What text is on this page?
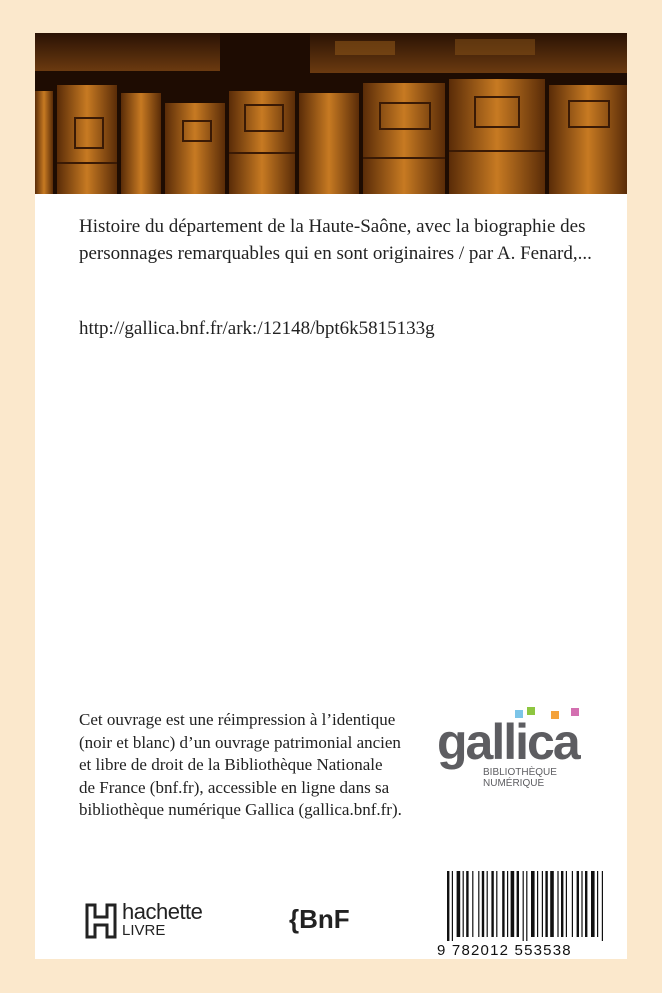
Histoire du département de la Haute-Saône, avec la biographie des personnages remarquables qui en sont originaires / par A. Fenard,...
http://gallica.bnf.fr/ark:/12148/bpt6k5815133g
Cet ouvrage est une réimpression à l’identique
(noir et blanc) d’un ouvrage patrimonial ancien
et libre de droit de la Bibliothèque Nationale
de France (bnf.fr), accessible en ligne dans sa
bibliothèque numérique Gallica (gallica.bnf.fr).
gallica
BIBLIOTHÈQUE
NUMÉRIQUE
hachette
LIVRE	{BnF
9 782012 553538
